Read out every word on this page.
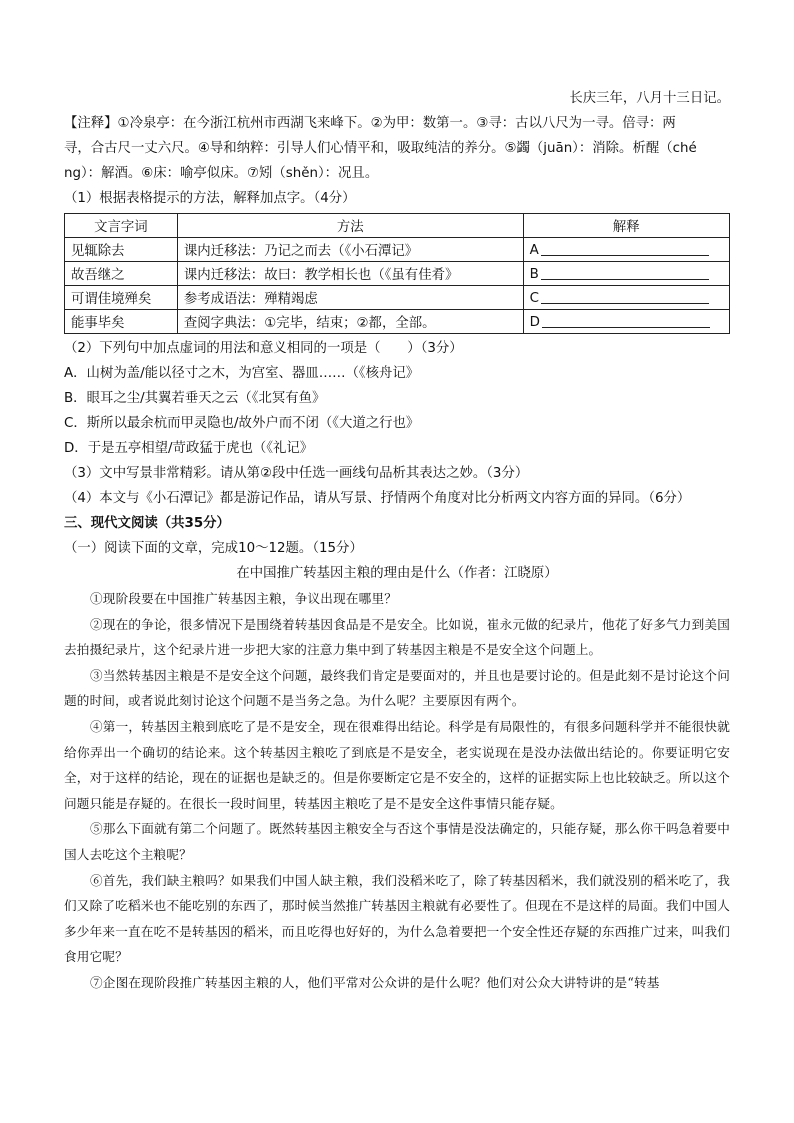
长庆三年，八月十三日记。
【注释】①冷泉亭：在今浙江杭州市西湖飞来峰下。②为甲：数第一。③寻：古以八尺为一寻。倍寻：两
寻，合古尺一丈六尺。④导和纳粹：引导人们心情平和，吸取纯洁的养分。⑤蠲（juān）：消除。析醒（ché
ng）：解酒。⑥床：喻亭似床。⑦矧（shěn）：况且。
（1）根据表格提示的方法，解释加点字。（4分）
文言字词	方法	解释
见辄除去	课内迁移法：乃记之而去（《小石潭记》	A
故吾继之	课内迁移法：故曰：教学相长也（《虽有佳肴》	B
可谓佳境殚矣	参考成语法：殚精竭虑	C
能事毕矣	查阅字典法：①完毕，结束；②都，全部。	D
（2）下列句中加点虚词的用法和意义相同的一项是（　　）（3分）
A．山树为盖/能以径寸之木，为宫室、器皿……（《核舟记》
B．眼耳之尘/其翼若垂天之云（《北冥有鱼》
C．斯所以最余杭而甲灵隐也/故外户而不闭（《大道之行也》
D．于是五亭相望/苛政猛于虎也（《礼记》
（3）文中写景非常精彩。请从第②段中任选一画线句品析其表达之妙。（3分）
（4）本文与《小石潭记》都是游记作品，请从写景、抒情两个角度对比分析两文内容方面的异同。（6分）
三、现代文阅读（共35分）
（一）阅读下面的文章，完成10～12题。（15分）
在中国推广转基因主粮的理由是什么（作者：江晓原）
①现阶段要在中国推广转基因主粮，争议出现在哪里？
②现在的争论，很多情况下是围绕着转基因食品是不是安全。比如说，崔永元做的纪录片，他花了好多气力到美国去拍摄纪录片，这个纪录片进一步把大家的注意力集中到了转基因主粮是不是安全这个问题上。
③当然转基因主粮是不是安全这个问题，最终我们肯定是要面对的，并且也是要讨论的。但是此刻不是讨论这个问题的时间，或者说此刻讨论这个问题不是当务之急。为什么呢？主要原因有两个。
④第一，转基因主粮到底吃了是不是安全，现在很难得出结论。科学是有局限性的，有很多问题科学并不能很快就给你弄出一个确切的结论来。这个转基因主粮吃了到底是不是安全，老实说现在是没办法做出结论的。你要证明它安全，对于这样的结论，现在的证据也是缺乏的。但是你要断定它是不安全的，这样的证据实际上也比较缺乏。所以这个问题只能是存疑的。在很长一段时间里，转基因主粮吃了是不是安全这件事情只能存疑。
⑤那么下面就有第二个问题了。既然转基因主粮安全与否这个事情是没法确定的，只能存疑，那么你干吗急着要中国人去吃这个主粮呢？
⑥首先，我们缺主粮吗？如果我们中国人缺主粮，我们没稻米吃了，除了转基因稻米，我们就没别的稻米吃了，我们又除了吃稻米也不能吃别的东西了，那时候当然推广转基因主粮就有必要性了。但现在不是这样的局面。我们中国人多少年来一直在吃不是转基因的稻米，而且吃得也好好的，为什么急着要把一个安全性还存疑的东西推广过来，叫我们食用它呢？
⑦企图在现阶段推广转基因主粮的人，他们平常对公众讲的是什么呢？他们对公众大讲特讲的是“转基
